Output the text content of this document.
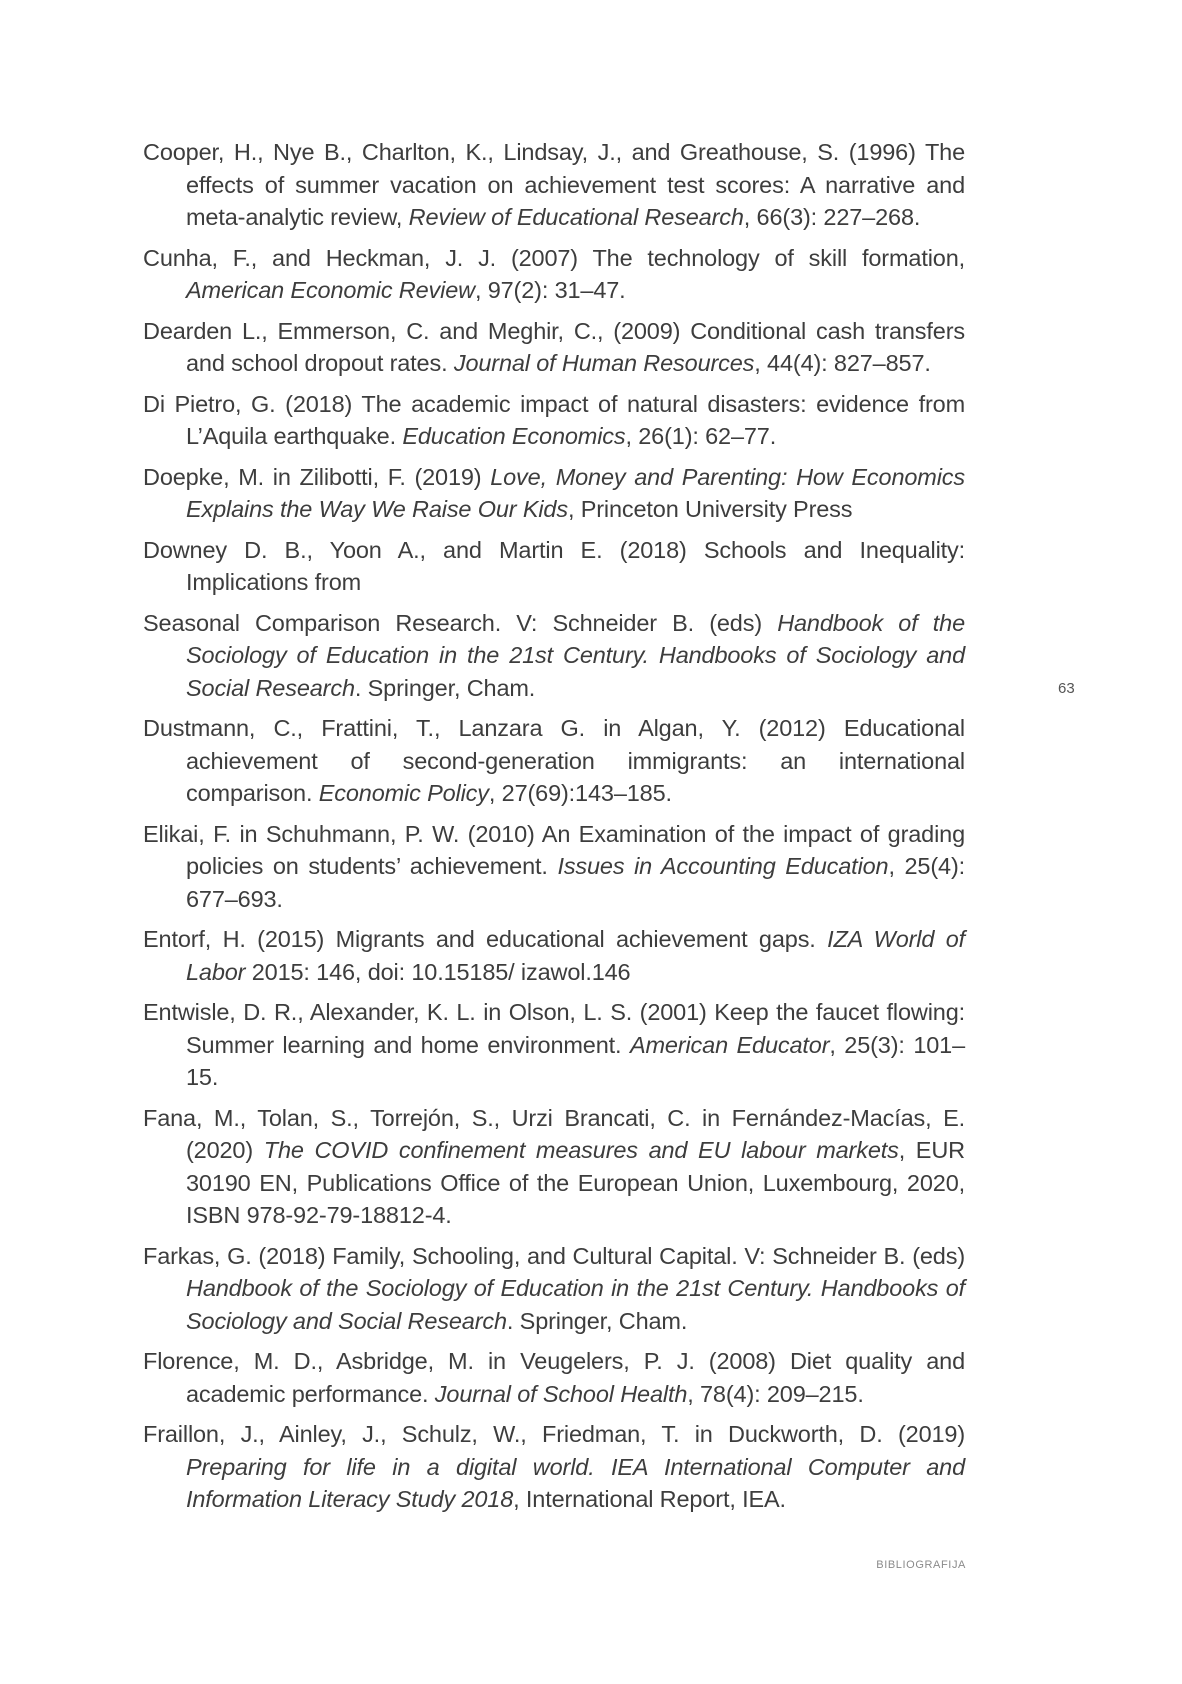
Cooper, H., Nye B., Charlton, K., Lindsay, J., and Greathouse, S. (1996) The effects of summer vacation on achievement test scores: A narrative and meta-analytic review, Review of Educational Research, 66(3): 227–268.

Cunha, F., and Heckman, J. J. (2007) The technology of skill formation, American Economic Review, 97(2): 31–47.

Dearden L., Emmerson, C. and Meghir, C., (2009) Conditional cash transfers and school dropout rates. Journal of Human Resources, 44(4): 827–857.

Di Pietro, G. (2018) The academic impact of natural disasters: evidence from L’Aquila earthquake. Education Economics, 26(1): 62–77.

Doepke, M. in Zilibotti, F. (2019) Love, Money and Parenting: How Economics Explains the Way We Raise Our Kids, Princeton University Press

Downey D. B., Yoon A., and Martin E. (2018) Schools and Inequality: Implications from

Seasonal Comparison Research. V: Schneider B. (eds) Handbook of the Sociology of Education in the 21st Century. Handbooks of Sociology and Social Research. Springer, Cham.

Dustmann, C., Frattini, T., Lanzara G. in Algan, Y. (2012) Educational achievement of second-generation immigrants: an international comparison. Economic Policy, 27(69):143–185.

Elikai, F. in Schuhmann, P. W. (2010) An Examination of the impact of grading policies on students’ achievement. Issues in Accounting Education, 25(4): 677–693.

Entorf, H. (2015) Migrants and educational achievement gaps. IZA World of Labor 2015: 146, doi: 10.15185/ izawol.146

Entwisle, D. R., Alexander, K. L. in Olson, L. S. (2001) Keep the faucet flowing: Summer learning and home environment. American Educator, 25(3): 101–15.

Fana, M., Tolan, S., Torrejón, S., Urzi Brancati, C. in Fernández-Macías, E. (2020) The COVID confinement measures and EU labour markets, EUR 30190 EN, Publications Office of the European Union, Luxembourg, 2020, ISBN 978-92-79-18812-4.

Farkas, G. (2018) Family, Schooling, and Cultural Capital. V: Schneider B. (eds) Handbook of the Sociology of Education in the 21st Century. Handbooks of Sociology and Social Research. Springer, Cham.

Florence, M. D., Asbridge, M. in Veugelers, P. J. (2008) Diet quality and academic performance. Journal of School Health, 78(4): 209–215.

Fraillon, J., Ainley, J., Schulz, W., Friedman, T. in Duckworth, D. (2019) Preparing for life in a digital world. IEA International Computer and Information Literacy Study 2018, International Report, IEA.

63
BIBLIOGRAFIJA
